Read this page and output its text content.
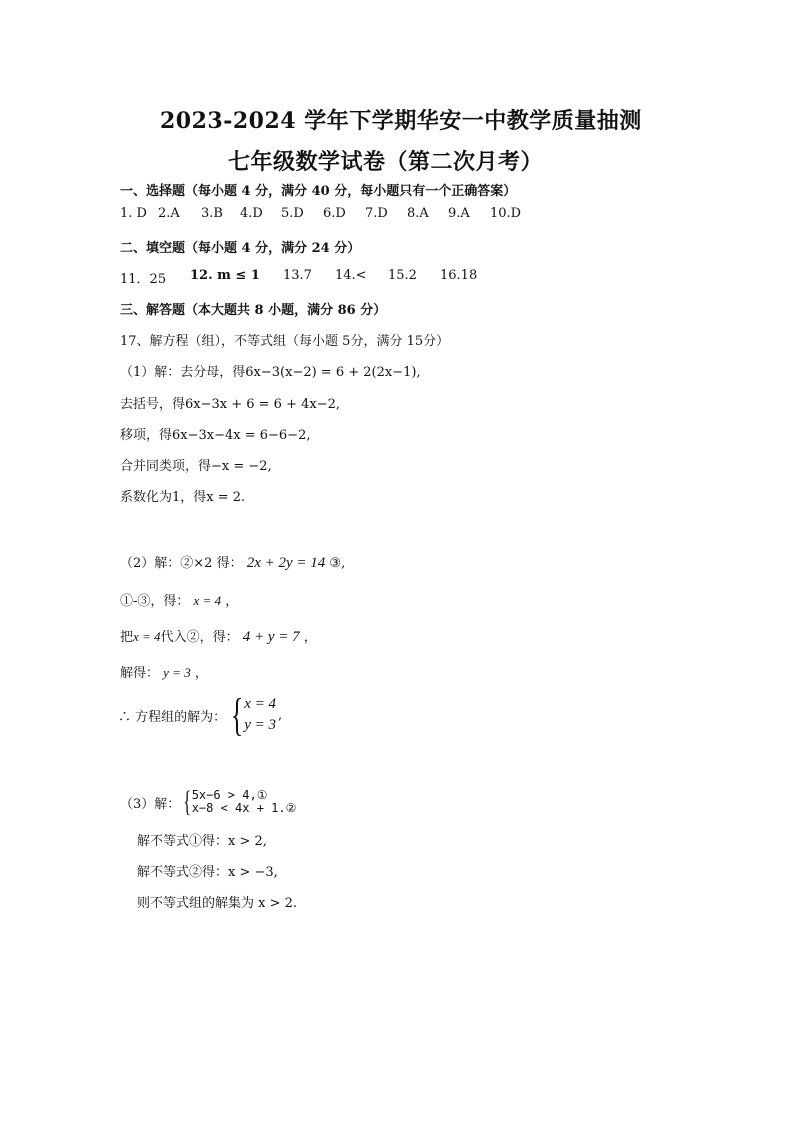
2023-2024 学年下学期华安一中教学质量抽测
七年级数学试卷（第二次月考）
一、选择题（每小题 4 分，满分 40 分，每小题只有一个正确答案）
1. D 2.A 3.B 4.D 5.D 6.D 7.D 8.A 9.A 10.D
二、填空题（每小题 4 分，满分 24 分）
11．25 12. m ≤ 1 13.7 14.< 15.2 16.18
三、解答题（本大题共 8 小题，满分 86 分）
17、解方程（组），不等式组（每小题 5分，满分 15分）
（1）解：去分母，得6x−3(x−2) = 6 + 2(2x−1),
去括号，得6x−3x + 6 = 6 + 4x−2,
移项，得6x−3x−4x = 6−6−2,
合并同类项，得−x = −2,
系数化为1，得x = 2.
（2）解：②×2 得： 2x + 2y = 14 ③,
①-③，得： x = 4 ，
把x = 4代入②，得： 4 + y = 7 ，
解得： y = 3 ，
∴ 方程组的解为： { x = 4
y = 3
,
（3）解： { 5x−6 > 4,①
x−8 < 4x + 1.②
解不等式①得：x > 2,
解不等式②得：x > −3,
则不等式组的解集为 x > 2.
